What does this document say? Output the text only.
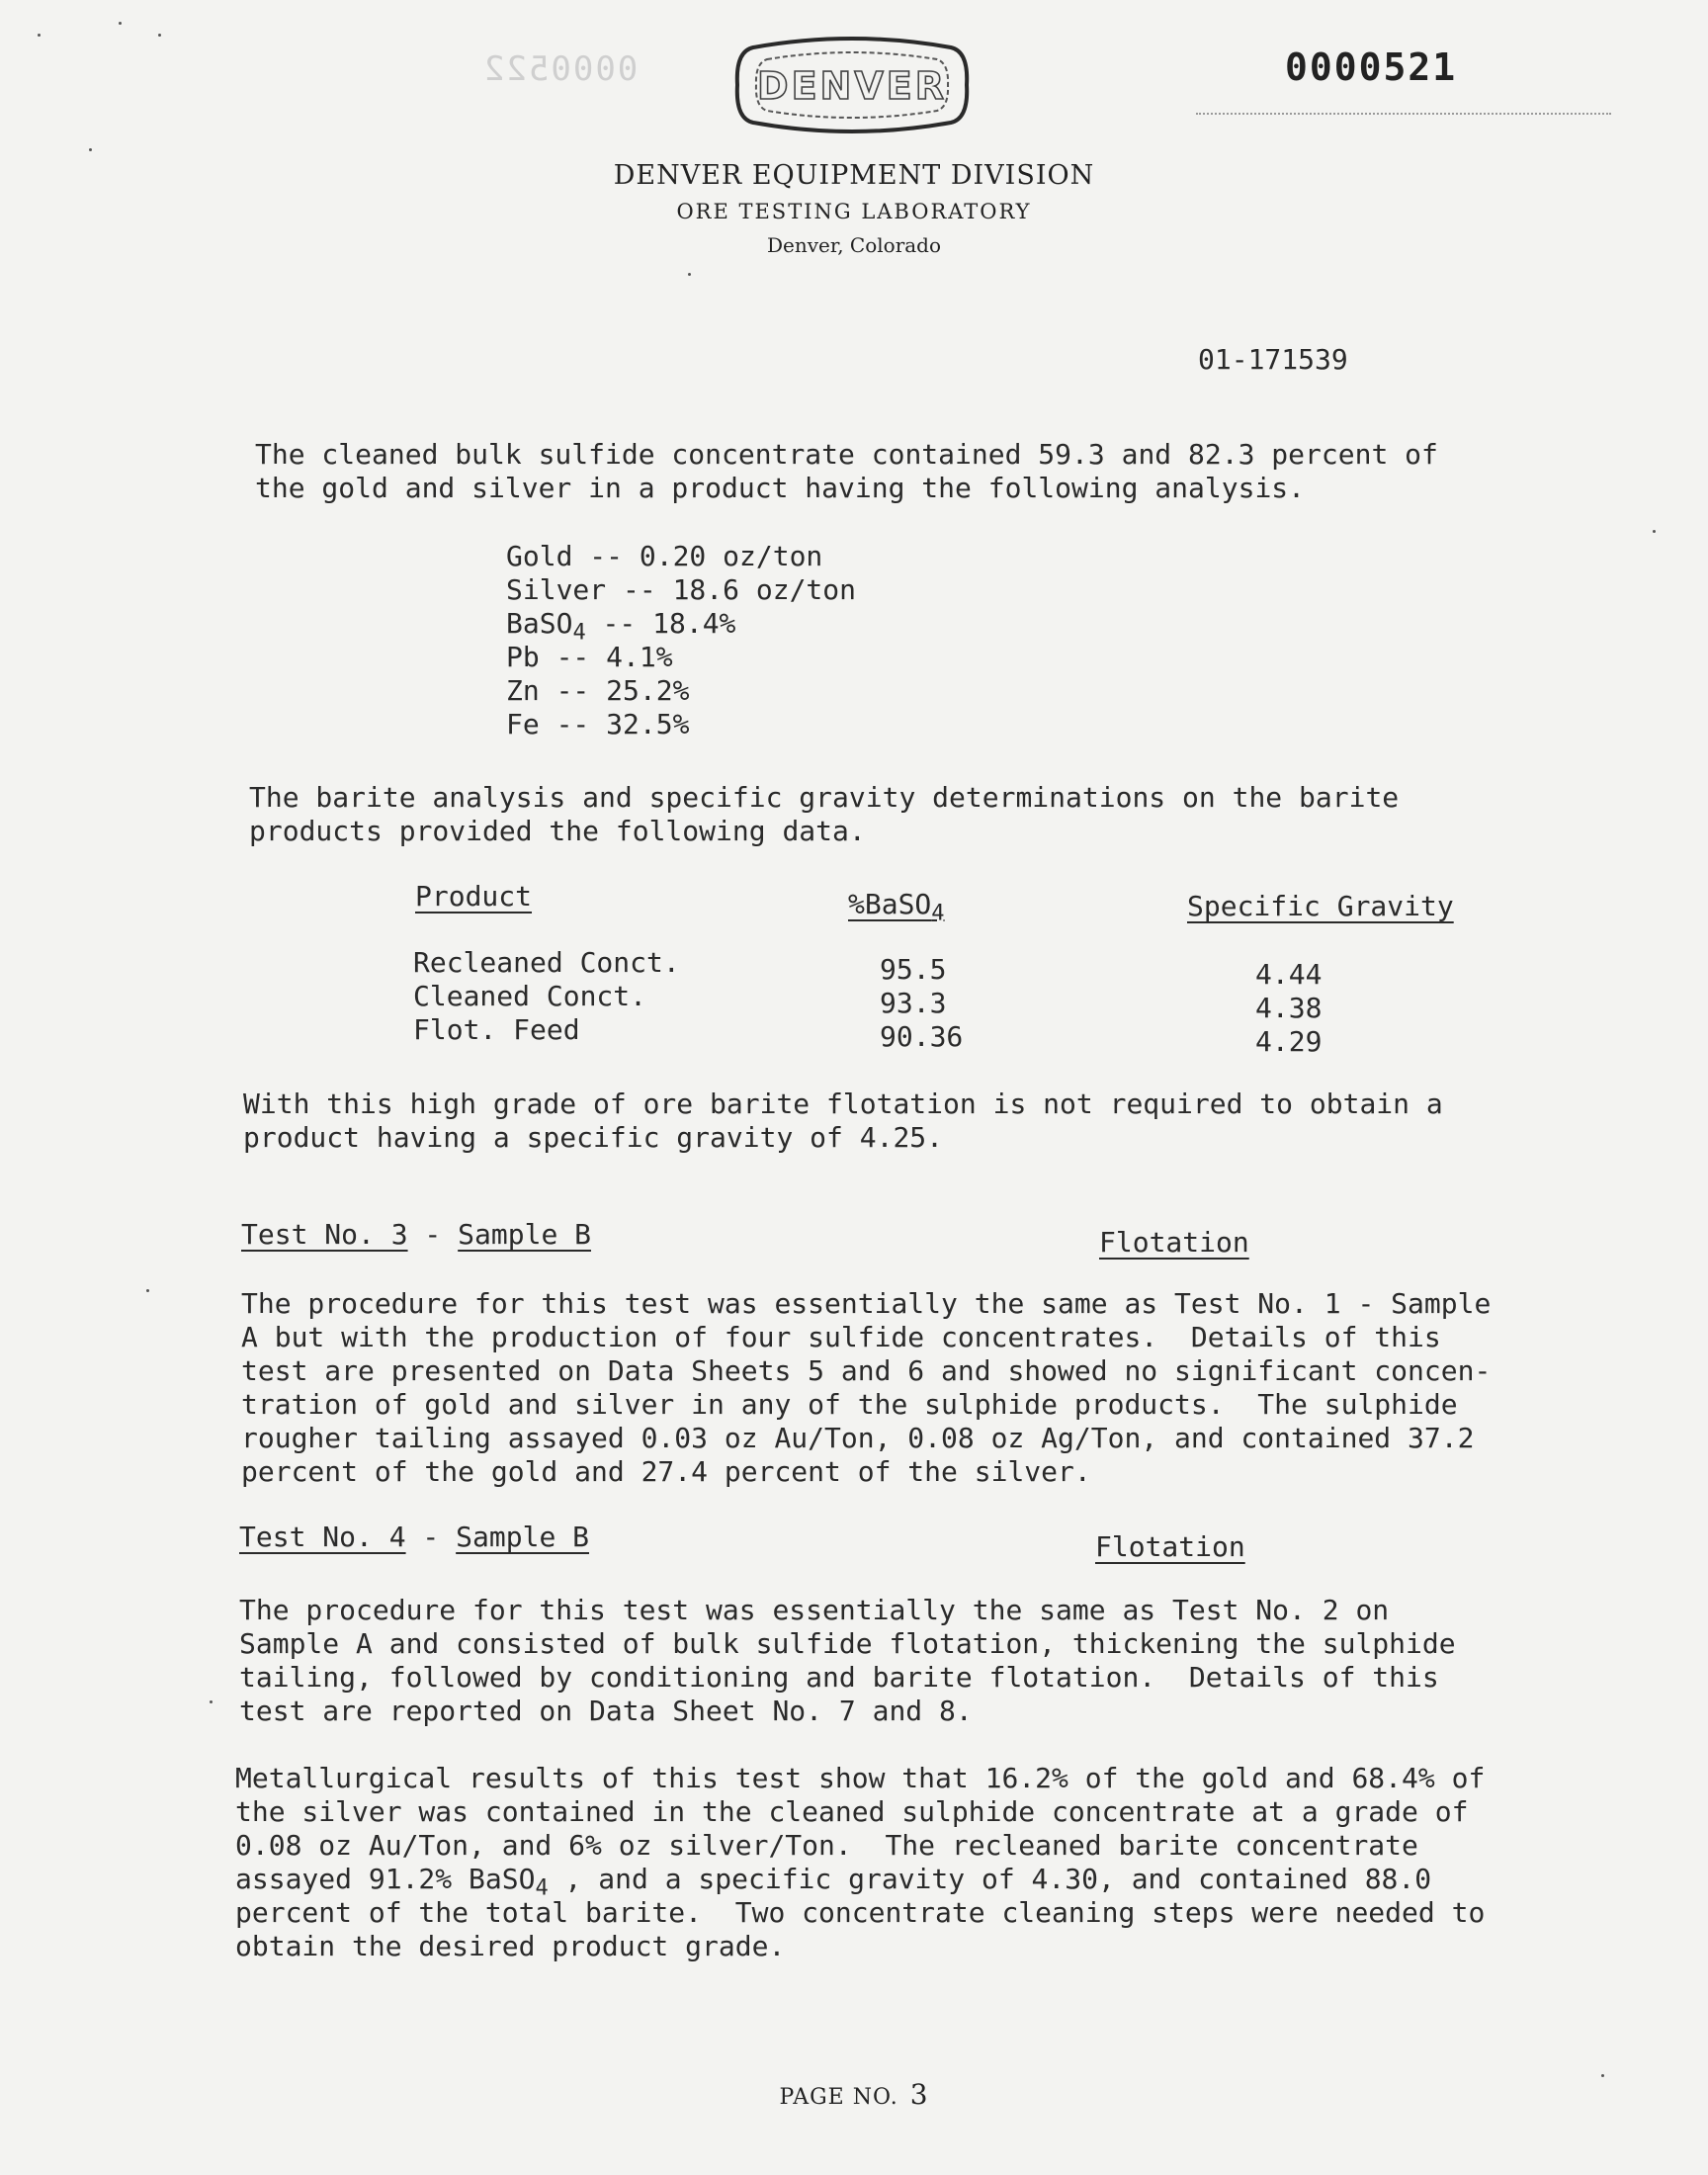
0000522	DENVER	0000521
DENVER EQUIPMENT DIVISION
ORE TESTING LABORATORY
Denver, Colorado
01-171539
The cleaned bulk sulfide concentrate contained 59.3 and 82.3 percent of
the gold and silver in a product having the following analysis.
Gold -- 0.20 oz/ton
Silver -- 18.6 oz/ton
BaSO$_4$ -- 18.4%
Pb -- 4.1%
Zn -- 25.2%
Fe -- 32.5%
The barite analysis and specific gravity determinations on the barite
products provided the following data.
Product	%BaSO$_4$	Specific Gravity
Recleaned Conct.	95.5	4.44
Cleaned Conct.	93.3	4.38
Flot. Feed	90.36	4.29
With this high grade of ore barite flotation is not required to obtain a
product having a specific gravity of 4.25.
Test No. 3 - Sample B	Flotation
The procedure for this test was essentially the same as Test No. 1 - Sample
A but with the production of four sulfide concentrates.  Details of this
test are presented on Data Sheets 5 and 6 and showed no significant concen-
tration of gold and silver in any of the sulphide products.  The sulphide
rougher tailing assayed 0.03 oz Au/Ton, 0.08 oz Ag/Ton, and contained 37.2
percent of the gold and 27.4 percent of the silver.
Test No. 4 - Sample B	Flotation
The procedure for this test was essentially the same as Test No. 2 on
Sample A and consisted of bulk sulfide flotation, thickening the sulphide
tailing, followed by conditioning and barite flotation.  Details of this
test are reported on Data Sheet No. 7 and 8.
Metallurgical results of this test show that 16.2% of the gold and 68.4% of
the silver was contained in the cleaned sulphide concentrate at a grade of
0.08 oz Au/Ton, and 6% oz silver/Ton.  The recleaned barite concentrate
assayed 91.2% BaSO$_4$ , and a specific gravity of 4.30, and contained 88.0
percent of the total barite.  Two concentrate cleaning steps were needed to
obtain the desired product grade.
PAGE NO. 3
